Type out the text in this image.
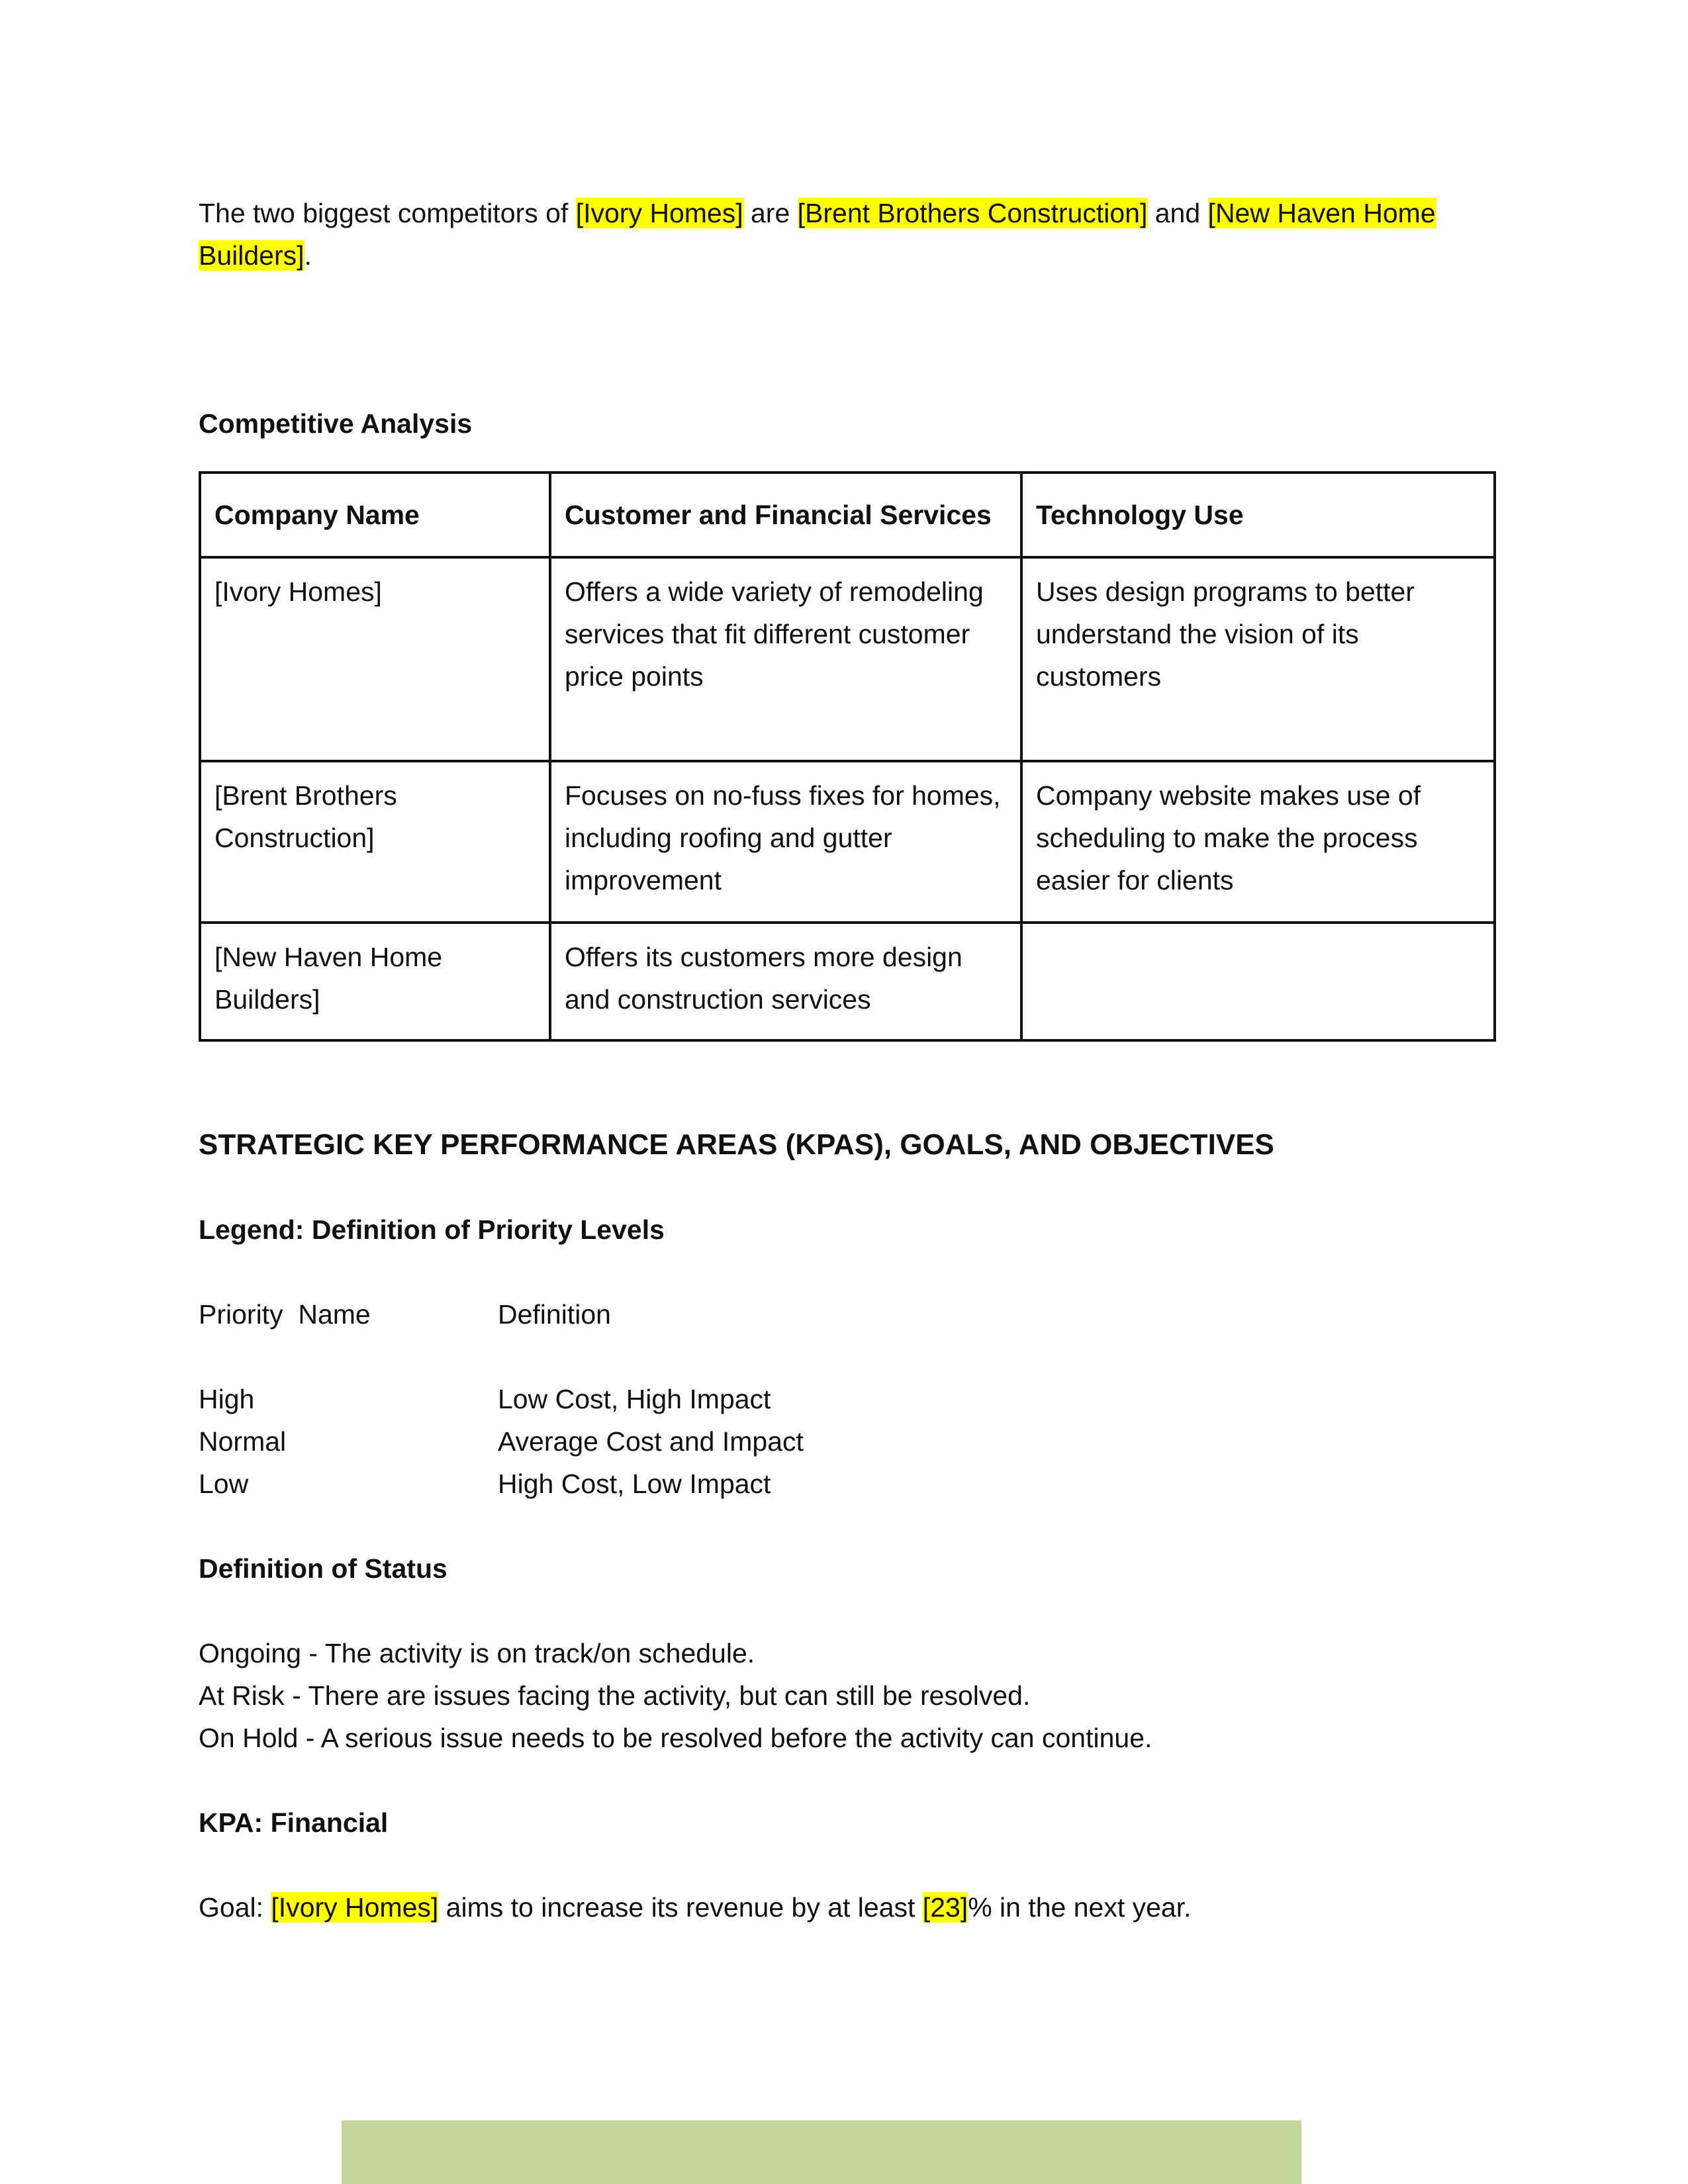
The two biggest competitors of [Ivory Homes] are [Brent Brothers Construction] and [New Haven Home Builders].

Competitive Analysis

Company Name	Customer and Financial Services	Technology Use
[Ivory Homes]	Offers a wide variety of remodeling services that fit different customer price points	Uses design programs to better understand the vision of its customers
[Brent Brothers Construction]	Focuses on no-fuss fixes for homes, including roofing and gutter improvement	Company website makes use of scheduling to make the process easier for clients
[New Haven Home Builders]	Offers its customers more design and construction services	

STRATEGIC KEY PERFORMANCE AREAS (KPAS), GOALS, AND OBJECTIVES

Legend: Definition of Priority Levels

Priority  Name	Definition
High	Low Cost, High Impact
Normal	Average Cost and Impact
Low	High Cost, Low Impact

Definition of Status

Ongoing - The activity is on track/on schedule.

At Risk - There are issues facing the activity, but can still be resolved.

On Hold - A serious issue needs to be resolved before the activity can continue.

KPA: Financial

Goal: [Ivory Homes] aims to increase its revenue by at least [23]% in the next year.
